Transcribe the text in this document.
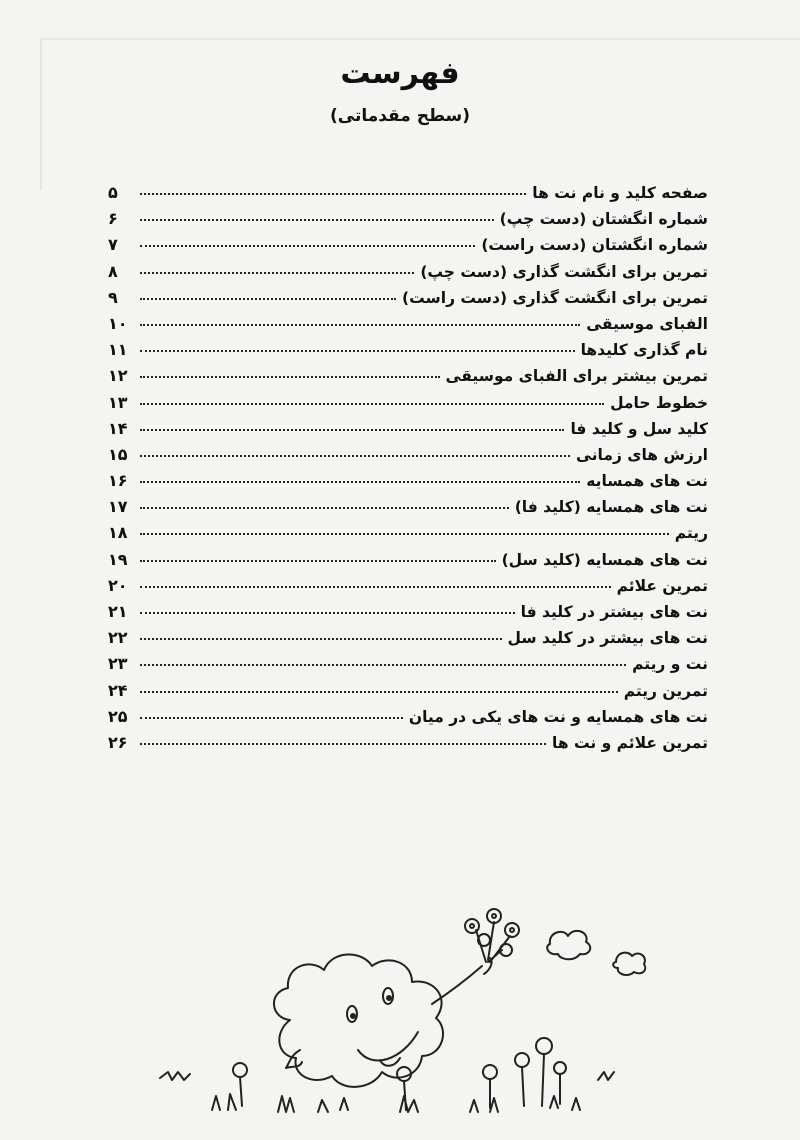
فهرست
(سطح مقدماتی)
صفحه کلید و نام نت ها
۵
شماره انگشتان (دست چپ)
۶
شماره انگشتان (دست راست)
۷
تمرین برای انگشت گذاری (دست چپ)
۸
تمرین برای انگشت گذاری (دست راست)
۹
الفبای موسیقی
۱۰
نام گذاری کلیدها
۱۱
تمرین بیشتر برای الفبای موسیقی
۱۲
خطوط حامل
۱۳
کلید سل و کلید فا
۱۴
ارزش های زمانی
۱۵
نت های همسایه
۱۶
نت های همسایه (کلید فا)
۱۷
ریتم
۱۸
نت های همسایه (کلید سل)
۱۹
تمرین علائم
۲۰
نت های بیشتر در کلید فا
۲۱
نت های بیشتر در کلید سل
۲۲
نت و ریتم
۲۳
تمرین ریتم
۲۴
نت های همسایه و نت های یکی در میان
۲۵
تمرین علائم و نت ها
۲۶
